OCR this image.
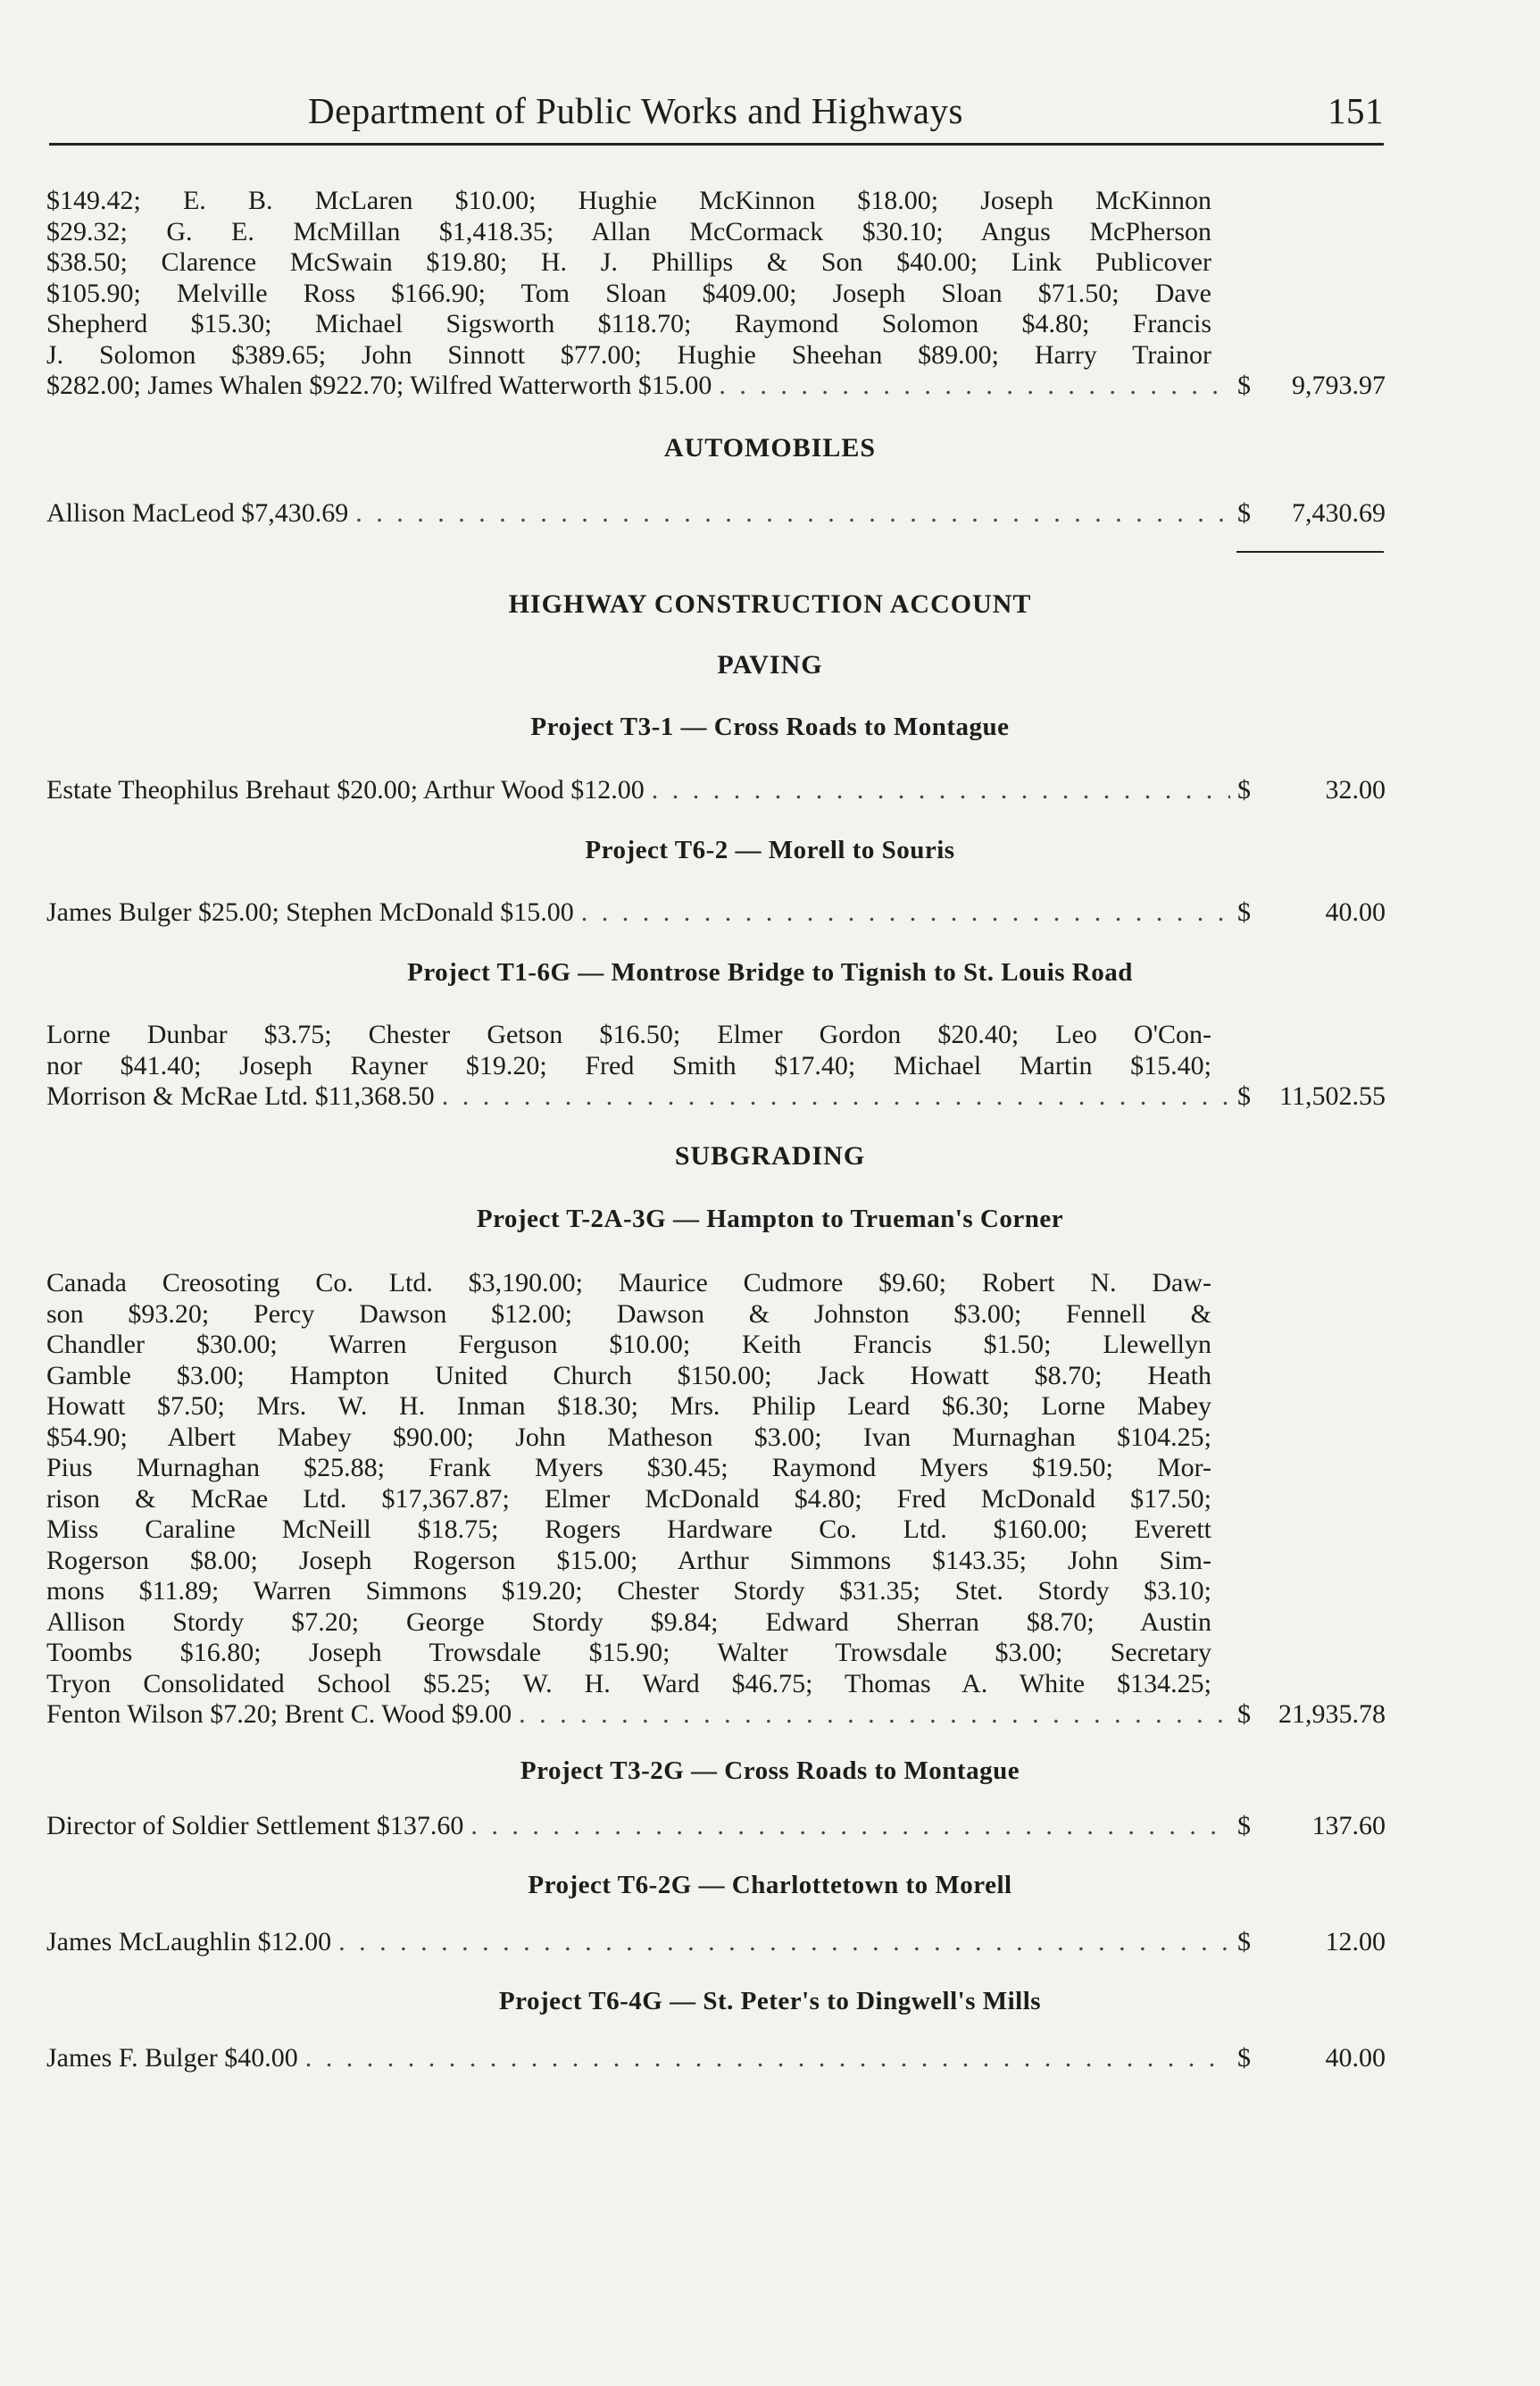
Department of Public Works and Highways	151
$149.42; E. B. McLaren $10.00; Hughie McKinnon $18.00; Joseph McKinnon
$29.32; G. E. McMillan $1,418.35; Allan McCormack $30.10; Angus McPherson
$38.50; Clarence McSwain $19.80; H. J. Phillips & Son $40.00; Link Publicover
$105.90; Melville Ross $166.90; Tom Sloan $409.00; Joseph Sloan $71.50; Dave
Shepherd $15.30; Michael Sigsworth $118.70; Raymond Solomon $4.80; Francis
J. Solomon $389.65; John Sinnott $77.00; Hughie Sheehan $89.00; Harry Trainor
$282.00; James Whalen $922.70; Wilfred Watterworth $15.00 . . .	$	9,793.97
AUTOMOBILES
Allison MacLeod $7,430.69 . . .	$	7,430.69
HIGHWAY CONSTRUCTION ACCOUNT
PAVING
Project T3-1 — Cross Roads to Montague
Estate Theophilus Brehaut $20.00; Arthur Wood $12.00 . . .	$	32.00
Project T6-2 — Morell to Souris
James Bulger $25.00; Stephen McDonald $15.00 . . .	$	40.00
Project T1-6G — Montrose Bridge to Tignish to St. Louis Road
Lorne Dunbar $3.75; Chester Getson $16.50; Elmer Gordon $20.40; Leo O'Con-
nor $41.40; Joseph Rayner $19.20; Fred Smith $17.40; Michael Martin $15.40;
Morrison & McRae Ltd. $11,368.50 . . .	$	11,502.55
SUBGRADING
Project T-2A-3G — Hampton to Trueman's Corner
Canada Creosoting Co. Ltd. $3,190.00; Maurice Cudmore $9.60; Robert N. Daw-
son $93.20; Percy Dawson $12.00; Dawson & Johnston $3.00; Fennell &
Chandler $30.00; Warren Ferguson $10.00; Keith Francis $1.50; Llewellyn
Gamble $3.00; Hampton United Church $150.00; Jack Howatt $8.70; Heath
Howatt $7.50; Mrs. W. H. Inman $18.30; Mrs. Philip Leard $6.30; Lorne Mabey
$54.90; Albert Mabey $90.00; John Matheson $3.00; Ivan Murnaghan $104.25;
Pius Murnaghan $25.88; Frank Myers $30.45; Raymond Myers $19.50; Mor-
rison & McRae Ltd. $17,367.87; Elmer McDonald $4.80; Fred McDonald $17.50;
Miss Caraline McNeill $18.75; Rogers Hardware Co. Ltd. $160.00; Everett
Rogerson $8.00; Joseph Rogerson $15.00; Arthur Simmons $143.35; John Sim-
mons $11.89; Warren Simmons $19.20; Chester Stordy $31.35; Stet. Stordy $3.10;
Allison Stordy $7.20; George Stordy $9.84; Edward Sherran $8.70; Austin
Toombs $16.80; Joseph Trowsdale $15.90; Walter Trowsdale $3.00; Secretary
Tryon Consolidated School $5.25; W. H. Ward $46.75; Thomas A. White $134.25;
Fenton Wilson $7.20; Brent C. Wood $9.00 . . .	$	21,935.78
Project T3-2G — Cross Roads to Montague
Director of Soldier Settlement $137.60 . . .	$	137.60
Project T6-2G — Charlottetown to Morell
James McLaughlin $12.00 . . .	$	12.00
Project T6-4G — St. Peter's to Dingwell's Mills
James F. Bulger $40.00 . . .	$	40.00
